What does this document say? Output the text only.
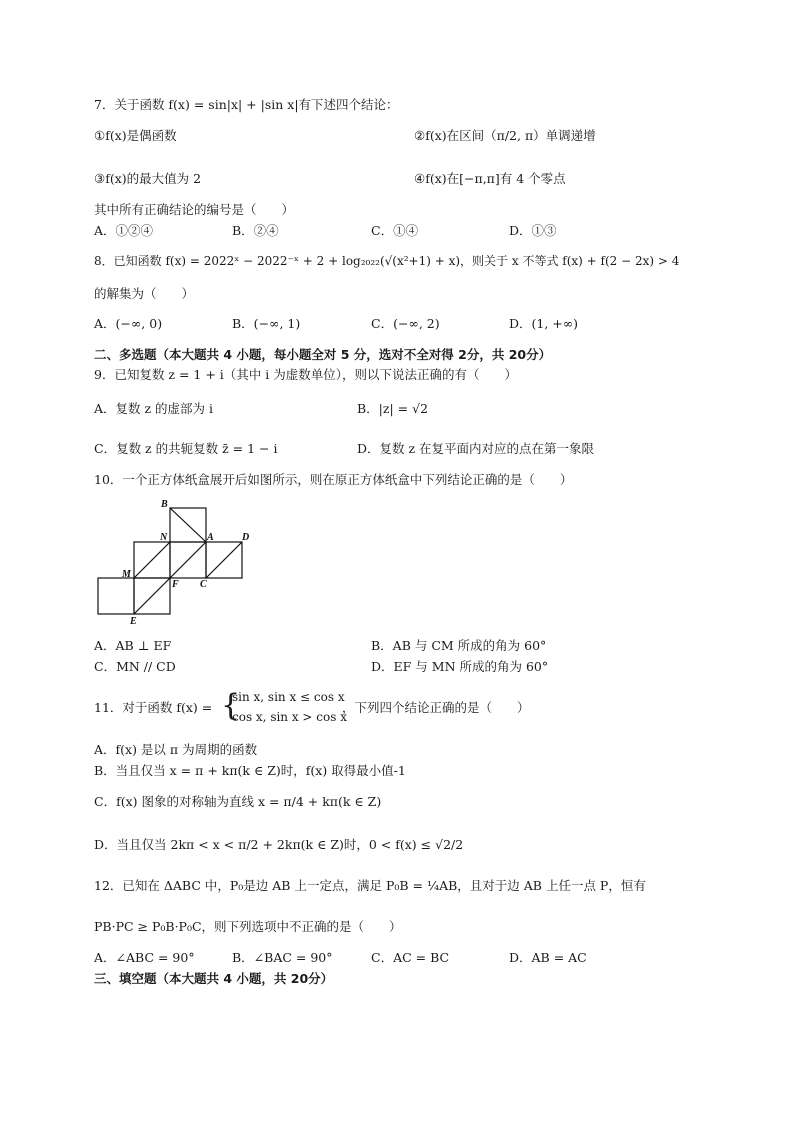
7．关于函数 f(x) = sin|x| + |sin x|有下述四个结论：
①f(x)是偶函数	②f(x)在区间（π/2, π）单调递增
③f(x)的最大值为 2	④f(x)在[−π,π]有 4 个零点
其中所有正确结论的编号是（　　）
A．①②④	B．②④	C．①④	D．①③
8．已知函数 f(x) = 2022ˣ − 2022⁻ˣ + 2 + log₂₀₂₂(√(x²+1) + x)，则关于 x 不等式 f(x) + f(2 − 2x) > 4
的解集为（　　）
A．(−∞, 0)	B．(−∞, 1)	C．(−∞, 2)	D．(1, +∞)
二、多选题（本大题共 4 小题，每小题全对 5 分，选对不全对得 2分，共 20分）
9．已知复数 z = 1 + i（其中 i 为虚数单位），则以下说法正确的有（　　）
A．复数 z 的虚部为 i	B．|z| = √2
C．复数 z 的共轭复数 z̄ = 1 − i	D．复数 z 在复平面内对应的点在第一象限
10．一个正方体纸盒展开后如图所示，则在原正方体纸盒中下列结论正确的是（　　）
B
N	A	D
M
F C
E
A．AB ⊥ EF	B．AB 与 CM 所成的角为 60°
C．MN // CD	D．EF 与 MN 所成的角为 60°
11．对于函数 f(x) = {
sin x, sin x ≤ cos x
cos x, sin x > cos x
，下列四个结论正确的是（　　）
A．f(x) 是以 π 为周期的函数
B．当且仅当 x = π + kπ(k ∈ Z)时，f(x) 取得最小值-1
C．f(x) 图象的对称轴为直线 x = π/4 + kπ(k ∈ Z)
D．当且仅当 2kπ < x < π/2 + 2kπ(k ∈ Z)时，0 < f(x) ≤ √2/2
12．已知在 ΔABC 中，P₀是边 AB 上一定点，满足 P₀B = ¼AB，且对于边 AB 上任一点 P，恒有
PB·PC ≥ P₀B·P₀C，则下列选项中不正确的是（　　）
A．∠ABC = 90°	B．∠BAC = 90°	C．AC = BC	D．AB = AC
三、填空题（本大题共 4 小题，共 20分）
